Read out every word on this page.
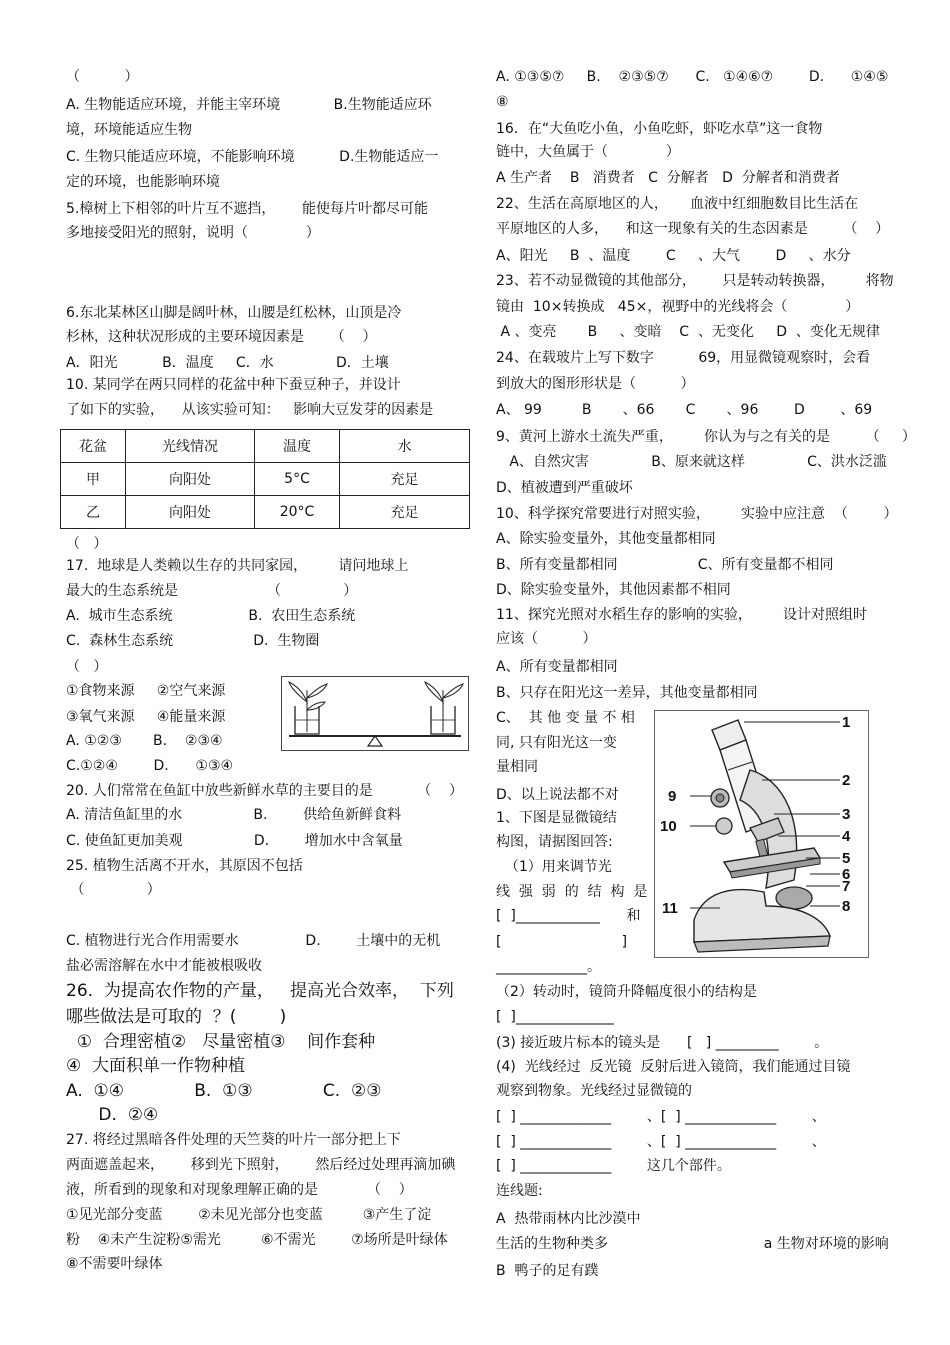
（          ）
A. 生物能适应环境，并能主宰环境            B.生物能适应环
境，环境能适应生物
C. 生物只能适应环境，不能影响环境          D.生物能适应一
定的环境，也能影响环境
5.樟树上下相邻的叶片互不遮挡，      能使每片叶都尽可能
多地接受阳光的照射，说明（             ）
6.东北某林区山脚是阔叶林，山腰是红松林，山顶是冷
杉林，这种状况形成的主要环境因素是      （    ）
A．阳光          B．温度     C．水              D．土壤
10. 某同学在两只同样的花盆中种下蚕豆种子，并设计
了如下的实验，    从该实验可知：   影响大豆发芽的因素是
（   ）
17.  地球是人类赖以生存的共同家园，       请问地球上
最大的生态系统是                    （              ）
A.  城市生态系统                 B.  农田生态系统
C.  森林生态系统                  D.  生物圈
（   ）
①食物来源     ②空气来源
③氧气来源     ④能量来源
A. ①②③       B.    ②③④
C.①②④        D.      ①③④
20. 人们常常在鱼缸中放些新鲜水草的主要目的是          （    ）
A. 清洁鱼缸里的水                B.        供给鱼新鲜食料
C. 使鱼缸更加美观                D.        增加水中含氧量
25. 植物生活离不开水，其原因不包括
（              ）
C. 植物进行光合作用需要水               D.        土壤中的无机
盐必需溶解在水中才能被根吸收
26.  为提高农作物的产量，   提高光合效率，  下列
哪些做法是可取的  ？(        )
①  合理密植②   尽量密植③    间作套种
④  大面积单一作物种植
A.  ①④             B.  ①③             C.  ②③
D.  ②④
27. 将经过黑暗各件处理的天竺葵的叶片一部分把上下
两面遮盖起来，      移到光下照射，      然后经过处理再滴加碘
液，所看到的现象和对现象理解正确的是           （    ）
①见光部分变蓝        ②未见光部分也变蓝         ③产生了淀
粉    ④未产生淀粉⑤需光         ⑥不需光        ⑦场所是叶绿体
⑧不需要叶绿体
花盆	光线情况	温度	水
甲	向阳处	5°C	充足
乙	向阳处	20°C	充足
A. ①③⑤⑦     B.    ②③⑤⑦      C.   ①④⑥⑦        D.      ①④⑤
⑧
16．在“大鱼吃小鱼，小鱼吃虾，虾吃水草”这一食物
链中，大鱼属于（             ）
A 生产者    B   消费者   C  分解者   D  分解者和消费者
22、生活在高原地区的人，     血液中红细胞数目比生活在
平原地区的人多，    和这一现象有关的生态因素是        （    ）
A、阳光     B  、温度        C     、大气        D     、水分
23、若不动显微镜的其他部分，      只是转动转换器，       将物
镜由  10×转换成   45×，视野中的光线将会（             ）
A 、变亮       B     、变暗    C  、无变化     D  、变化无规律
24、在载玻片上写下数字          69，用显微镜观察时，会看
到放大的图形形状是（          ）
A、 99         B       、66       C       、96        D        、69
9、黄河上游水土流失严重，       你认为与之有关的是        （     ）
A、自然灾害              B、原来就这样              C、洪水泛滥
D、植被遭到严重破坏
10、科学探究常要进行对照实验，       实验中应注意  （        ）
A、除实验变量外，其他变量都相同
B、所有变量都相同                  C、所有变量都不相同
D、除实验变量外，其他因素都不相同
11、探究光照对水稻生存的影响的实验，       设计对照组时
应该（          ）
A、所有变量都相同
B、只存在阳光这一差异，其他变量都相同
C、  其 他 变 量 不 相
同, 只有阳光这一变
量相同
D、以上说法都不对
1、下图是显微镜结
构图，请据图回答:
（1）用来调节光
线  强  弱  的  结  构  是
[  ]____________      和
[                           ]
_____________。
（2）转动时，镜筒升降幅度很小的结构是
[  ]______________
(3) 接近玻片标本的镜头是      [   ] _________        。
(4)  光线经过  反光镜  反射后进入镜筒，我们能通过目镜
观察到物象。光线经过显微镜的
[  ] _____________        、[  ] _____________        、
[  ] _____________        、[  ] _____________        、
[  ] _____________        这几个部件。
连线题:
A  热带雨林内比沙漠中
生活的生物种类多                                   a 生物对环境的影响
B  鸭子的足有蹼
1
2
3
4
5
6
7
8
9
10
11
